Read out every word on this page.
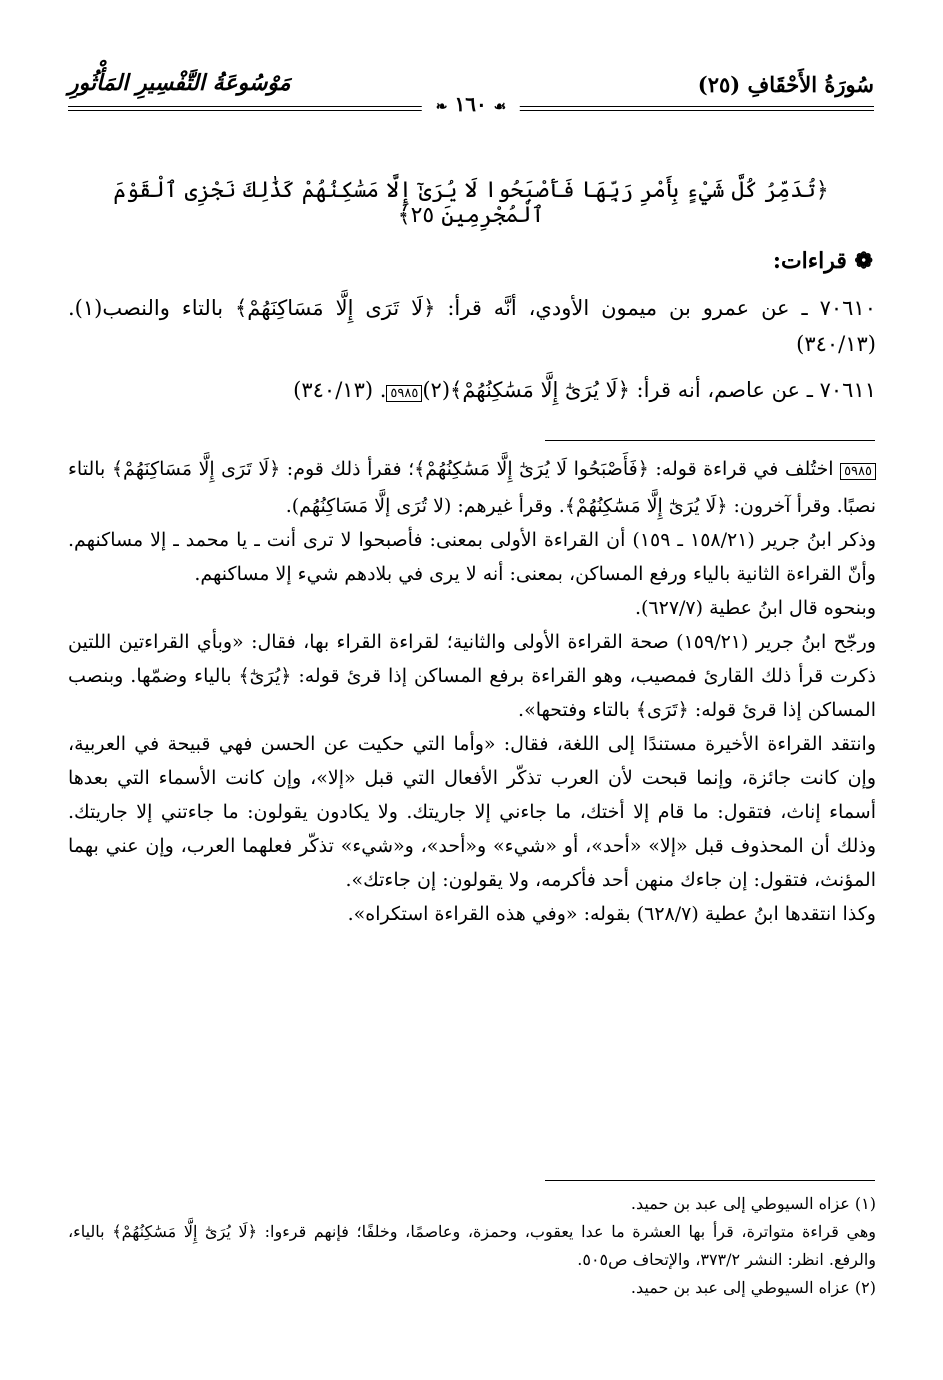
سُورَةُ الأَحْقَافِ (٢٥)
مَوْسُوعَةُ التَّفْسِيرِ المَأْثُورِ
❧ ١٦٠ ☙
﴿تُدَمِّرُ كُلَّ شَيْءٍ بِأَمْرِ رَبِّهَا فَأَصْبَحُوا لَا يُرَىٰٓ إِلَّا مَسَٰكِنُهُمْ كَذَٰلِكَ نَجْزِى ٱلْقَوْمَ ٱلْمُجْرِمِينَ ٢٥﴾
❁ قراءات:
٧٠٦١٠ ـ عن عمرو بن ميمون الأودي، أنَّه قرأ: ﴿لَا تَرَى إِلَّا مَسَاكِنَهُمْ﴾ بالتاء والنصب(١). (٣٤٠/١٣)
٧٠٦١١ ـ عن عاصم، أنه قرأ: ﴿لَا يُرَىٰٓ إِلَّا مَسَٰكِنُهُمْ﴾(٢)٥٩٨٥. (٣٤٠/١٣)
٥٩٨٥ اختُلف في قراءة قوله: ﴿فَأَصْبَحُوا لَا يُرَىٰٓ إِلَّا مَسَٰكِنُهُمْ﴾؛ فقرأ ذلك قوم: ﴿لَا تَرَى إِلَّا مَسَاكِنَهُمْ﴾ بالتاء نصبًا. وقرأ آخرون: ﴿لَا يُرَىٰٓ إِلَّا مَسَٰكِنُهُمْ﴾. وقرأ غيرهم: (لا تُرَى إلَّا مَسَاكِنُهُم).
وذكر ابنُ جرير (١٥٨/٢١ ـ ١٥٩) أن القراءة الأولى بمعنى: فأصبحوا لا ترى أنت ـ يا محمد ـ إلا مساكنهم. وأنّ القراءة الثانية بالياء ورفع المساكن، بمعنى: أنه لا يرى في بلادهم شيء إلا مساكنهم.
وبنحوه قال ابنُ عطية (٦٢٧/٧).
ورجّح ابنُ جرير (١٥٩/٢١) صحة القراءة الأولى والثانية؛ لقراءة القراء بها، فقال: «وبأي القراءتين اللتين ذكرت قرأ ذلك القارئ فمصيب، وهو القراءة برفع المساكن إذا قرئ قوله: ﴿يُرَىٰٓ﴾ بالياء وضمّها. وبنصب المساكن إذا قرئ قوله: ﴿تَرَى﴾ بالتاء وفتحها».
وانتقد القراءة الأخيرة مستندًا إلى اللغة، فقال: «وأما التي حكيت عن الحسن فهي قبيحة في العربية، وإن كانت جائزة، وإنما قبحت لأن العرب تذكّر الأفعال التي قبل «إلا»، وإن كانت الأسماء التي بعدها أسماء إناث، فتقول: ما قام إلا أختك، ما جاءني إلا جاريتك. ولا يكادون يقولون: ما جاءتني إلا جاريتك. وذلك أن المحذوف قبل «إلا» «أحد»، أو «شيء» و«أحد»، و«شيء» تذكّر فعلهما العرب، وإن عني بهما المؤنث، فتقول: إن جاءك منهن أحد فأكرمه، ولا يقولون: إن جاءتك».
وكذا انتقدها ابنُ عطية (٦٢٨/٧) بقوله: «وفي هذه القراءة استكراه».
(١) عزاه السيوطي إلى عبد بن حميد.
وهي قراءة متواترة، قرأ بها العشرة ما عدا يعقوب، وحمزة، وعاصمًا، وخلفًا؛ فإنهم قرءوا: ﴿لَا يُرَىٰٓ إِلَّا مَسَٰكِنُهُمْ﴾ بالياء، والرفع. انظر: النشر ٣٧٣/٢، والإتحاف ص٥٠٥.
(٢) عزاه السيوطي إلى عبد بن حميد.
